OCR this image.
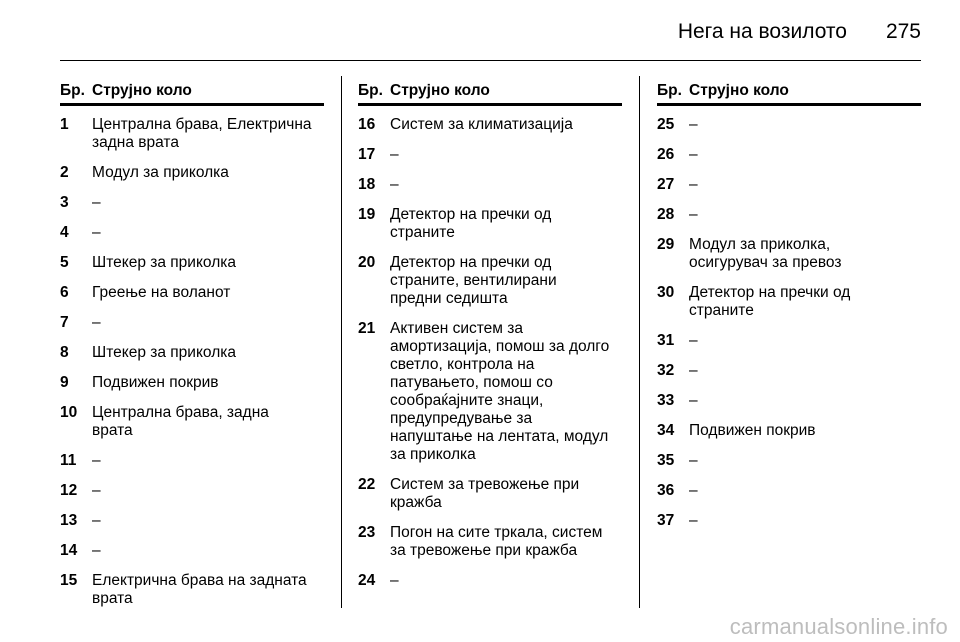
Нега на возилото 275
Бр. Струјно коло
1	Централна брава, Електрична
задна врата
2	Модул за приколка
3	–
4	–
5	Штекер за приколка
6	Греење на воланот
7	–
8	Штекер за приколка
9	Подвижен покрив
10 Централна брава, задна
врата
11	–
12 –
13 –
14 –
15 Електрична брава на задната
врата
Бр. Струјно коло
16 Систем за климатизација
17 –
18 –
19 Детектор на пречки од
страните
20 Детектор на пречки од
страните, вентилирани
предни седишта
21 Активен систем за
амортизација, помош за долго
светло, контрола на
патувањето, помош со
сообраќајните знаци,
предупредување за
напуштање на лентата, модул
за приколка
22 Систем за тревожење при
кражба
23 Погон на сите тркала, систем
за тревожење при кражба
24 –
Бр. Струјно коло
25 –
26 –
27 –
28 –
29 Модул за приколка,
осигурувач за превоз
30 Детектор на пречки од
страните
31 –
32 –
33 –
34 Подвижен покрив
35 –
36 –
37 –
carmanualsonline.info
